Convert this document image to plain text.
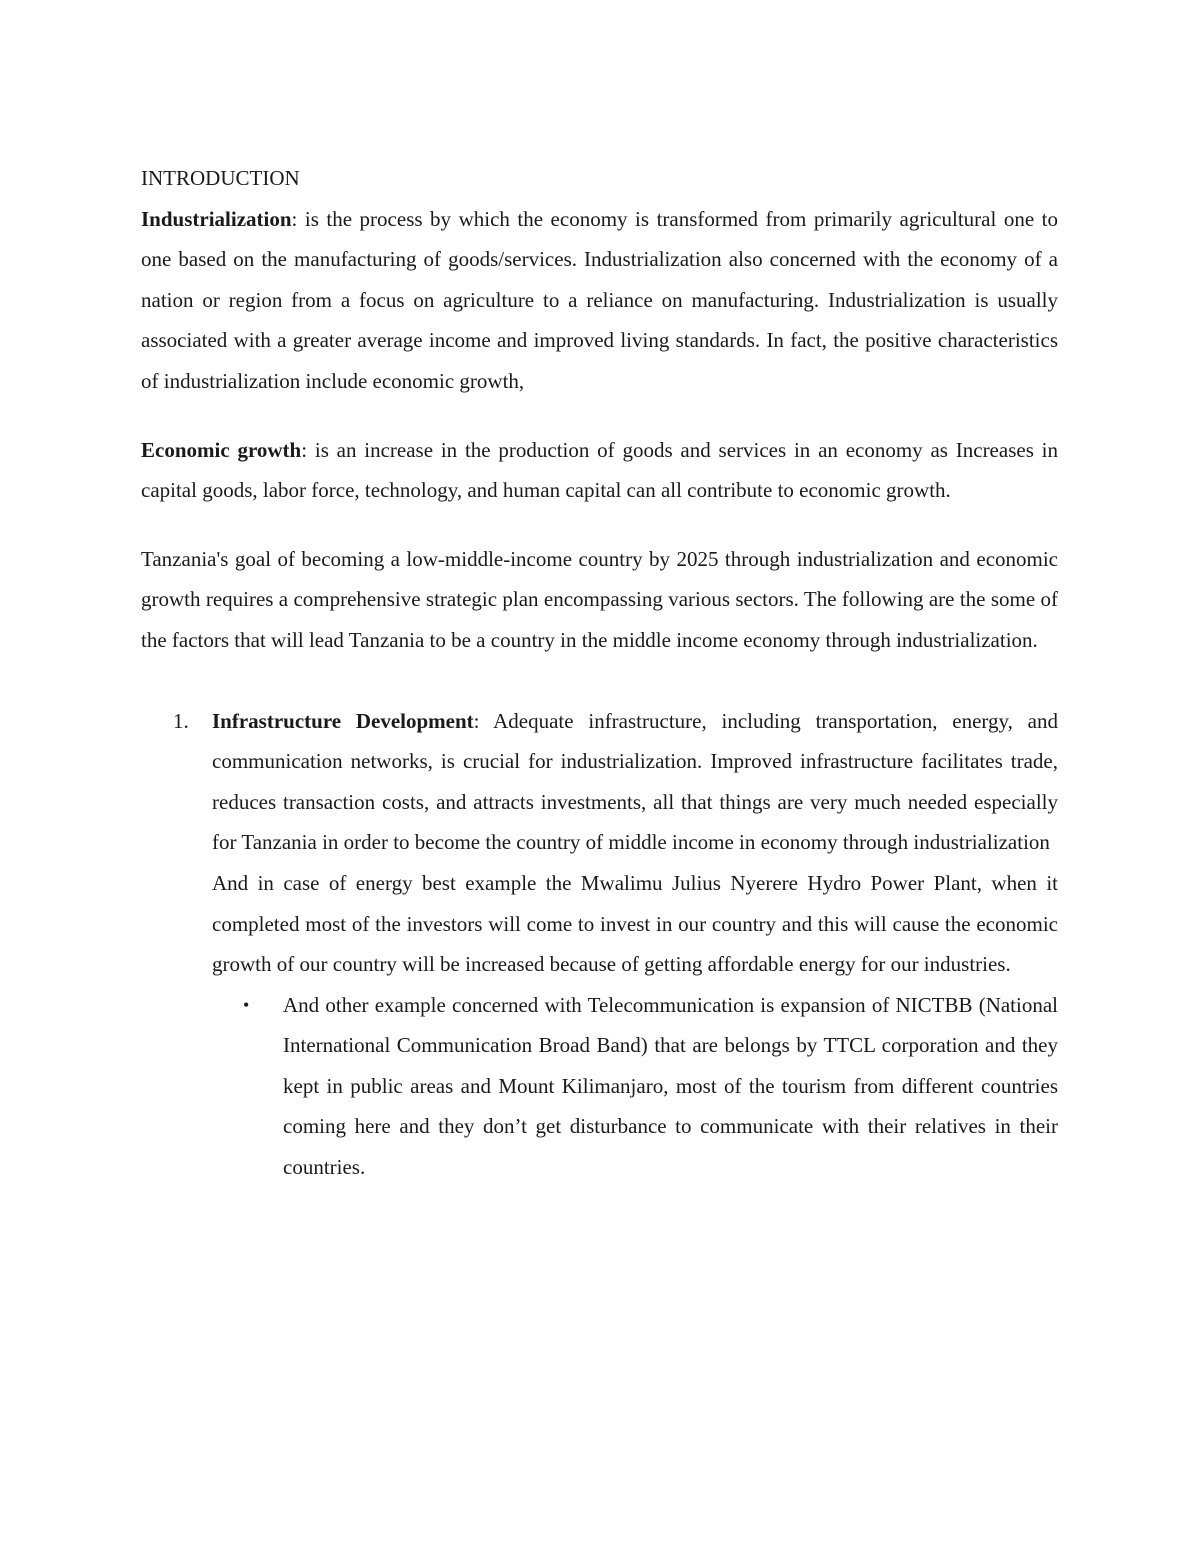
INTRODUCTION

Industrialization: is the process by which the economy is transformed from primarily agricultural one to one based on the manufacturing of goods/services. Industrialization also concerned with the economy of a nation or region from a focus on agriculture to a reliance on manufacturing. Industrialization is usually associated with a greater average income and improved living standards. In fact, the positive characteristics of industrialization include economic growth,

Economic growth: is an increase in the production of goods and services in an economy as Increases in capital goods, labor force, technology, and human capital can all contribute to economic growth.

Tanzania's goal of becoming a low-middle-income country by 2025 through industrialization and economic growth requires a comprehensive strategic plan encompassing various sectors. The following are the some of the factors that will lead Tanzania to be a country in the middle income economy through industrialization.

1. Infrastructure Development: Adequate infrastructure, including transportation, energy, and communication networks, is crucial for industrialization. Improved infrastructure facilitates trade, reduces transaction costs, and attracts investments, all that things are very much needed especially for Tanzania in order to become the country of middle income in economy through industrialization

And in case of energy best example the Mwalimu Julius Nyerere Hydro Power Plant, when it completed most of the investors will come to invest in our country and this will cause the economic growth of our country will be increased because of getting affordable energy for our industries.

• And other example concerned with Telecommunication is expansion of NICTBB (National International Communication Broad Band) that are belongs by TTCL corporation and they kept in public areas and Mount Kilimanjaro, most of the tourism from different countries coming here and they don’t get disturbance to communicate with their relatives in their countries.
